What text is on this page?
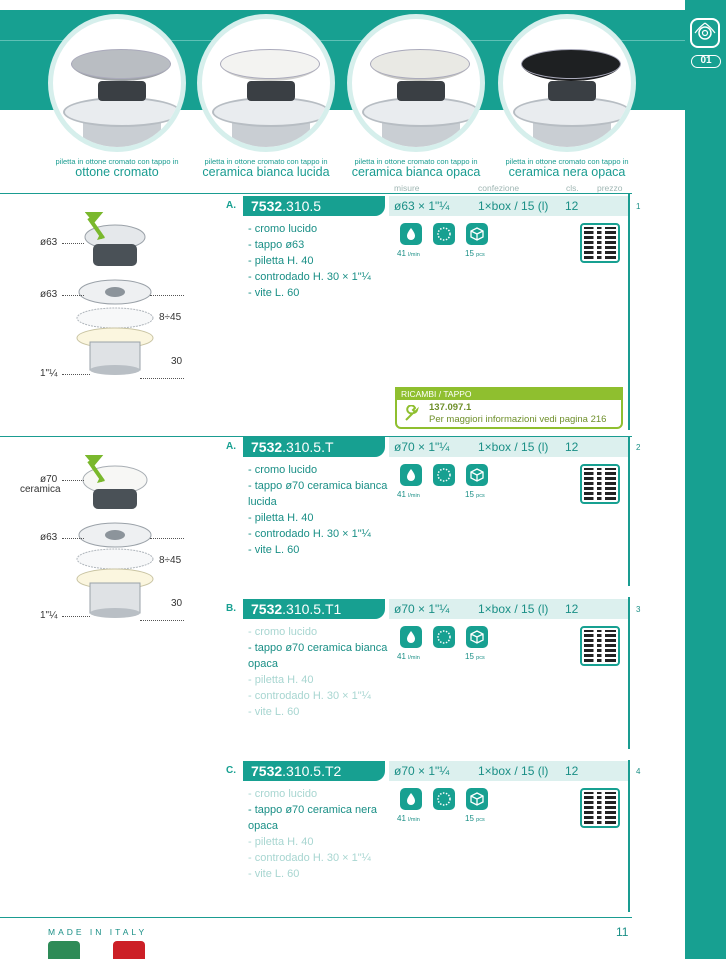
01
piletta in ottone cromato con tappo in
ottone cromato
piletta in ottone cromato con tappo in
ceramica bianca lucida
piletta in ottone cromato con tappo in
ceramica bianca opaca
piletta in ottone cromato con tappo in
ceramica nera opaca
misure	confezione	cls. prezzo
A.	7532.310.5	ø63 × 1"¼ 1×box / 15 (l) 12	1
41 l/min	15 pcs
- cromo lucido
- tappo ø63
- piletta H. 40
- controdado H. 30 × 1"¼
- vite L. 60
A.	7532.310.5.T	ø70 × 1"¼ 1×box / 15 (l) 12	2
41 l/min	15 pcs
- cromo lucido
- tappo ø70 ceramica bianca lucida
- piletta H. 40
- controdado H. 30 × 1"¼
- vite L. 60
B.	7532.310.5.T1	ø70 × 1"¼ 1×box / 15 (l) 12	3
41 l/min	15 pcs
- cromo lucido
- tappo ø70 ceramica bianca opaca
- piletta H. 40
- controdado H. 30 × 1"¼
- vite L. 60
C.	7532.310.5.T2	ø70 × 1"¼ 1×box / 15 (l) 12	4
41 l/min	15 pcs
- cromo lucido
- tappo ø70 ceramica nera opaca
- piletta H. 40
- controdado H. 30 × 1"¼
- vite L. 60
ø63
ø63
8÷45
30
1"¼
ø70
ceramica
ø63
8÷45
30
1"¼
RICAMBI / TAPPO
137.097.1
Per maggiori informazioni vedi pagina 216
MADE IN ITALY	11
